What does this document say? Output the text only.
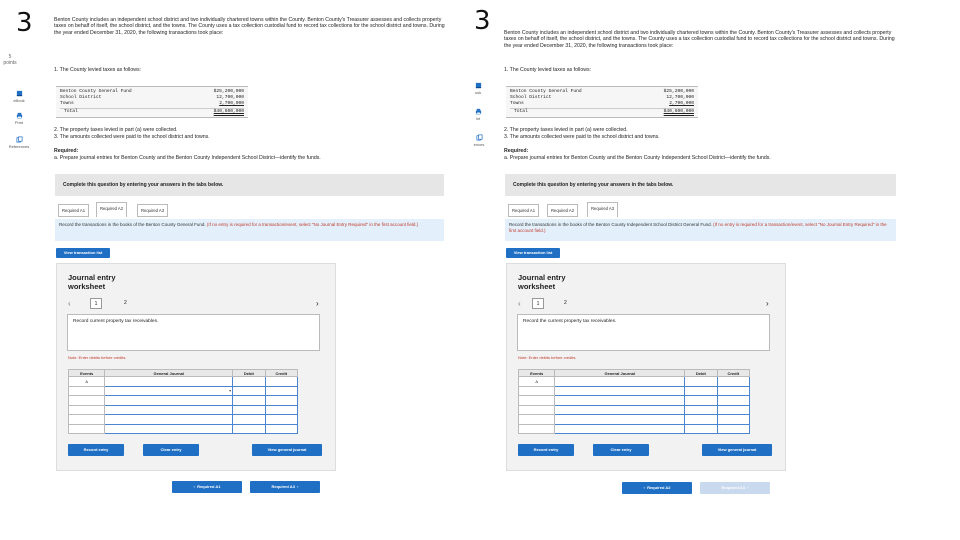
3
5
points
eBook
Print
References
Benton County includes an independent school district and two individually chartered towns within the County. Benton County's Treasurer assesses and collects property taxes on behalf of itself, the school district, and the towns. The County uses a tax collection custodial fund to record tax collections for the school district and towns. During the year ended December 31, 2020, the following transactions took place:
1. The County levied taxes as follows:
Benton County General Fund	$25,200,000
School District	12,700,000
Towns	2,700,000
Total	$40,600,000
2. The property taxes levied in part (a) were collected.
3. The amounts collected were paid to the school district and towns.
Required:
a. Prepare journal entries for Benton County and the Benton County Independent School District—identify the funds.
Complete this question by entering your answers in the tabs below.
Required A1	Required A2	Required A3
Record the transactions in the books of the Benton County General Fund. (If no entry is required for a transaction/event, select "No Journal Entry Required" in the first account field.)
View transaction list
Journal entry
worksheet
‹	1	2	›
Record current property tax receivables.
Note: Enter debits before credits.
Events	General Journal	Debit	Credit
A			

	▾		

Record entry	Clear entry	View general journal
‹  Required A1	Required A3  ›
3
ook
int
ences
Benton County includes an independent school district and two individually chartered towns within the County. Benton County's Treasurer assesses and collects property taxes on behalf of itself, the school district, and the towns. The County uses a tax collection custodial fund to record tax collections for the school district and towns. During the year ended December 31, 2020, the following transactions took place:
1. The County levied taxes as follows:
Benton County General Fund	$25,200,000
School District	12,700,000
Towns	2,700,000
Total	$40,600,000
2. The property taxes levied in part (a) were collected.
3. The amounts collected were paid to the school district and towns.
Required:
a. Prepare journal entries for Benton County and the Benton County Independent School District—identify the funds.
Complete this question by entering your answers in the tabs below.
Required A1	Required A2	Required A3
Record the transactions in the books of the Benton County Independent School District General Fund. (If no entry is required for a transaction/event, select "No Journal Entry Required" in the first account field.)
View transaction list
Journal entry
worksheet
‹	1	2	›
Record the current property tax receivables.
Note: Enter debits before credits.
Events	General Journal	Debit	Credit
A			

Record entry	Clear entry	View general journal
‹  Required A2	Required A3  ›
